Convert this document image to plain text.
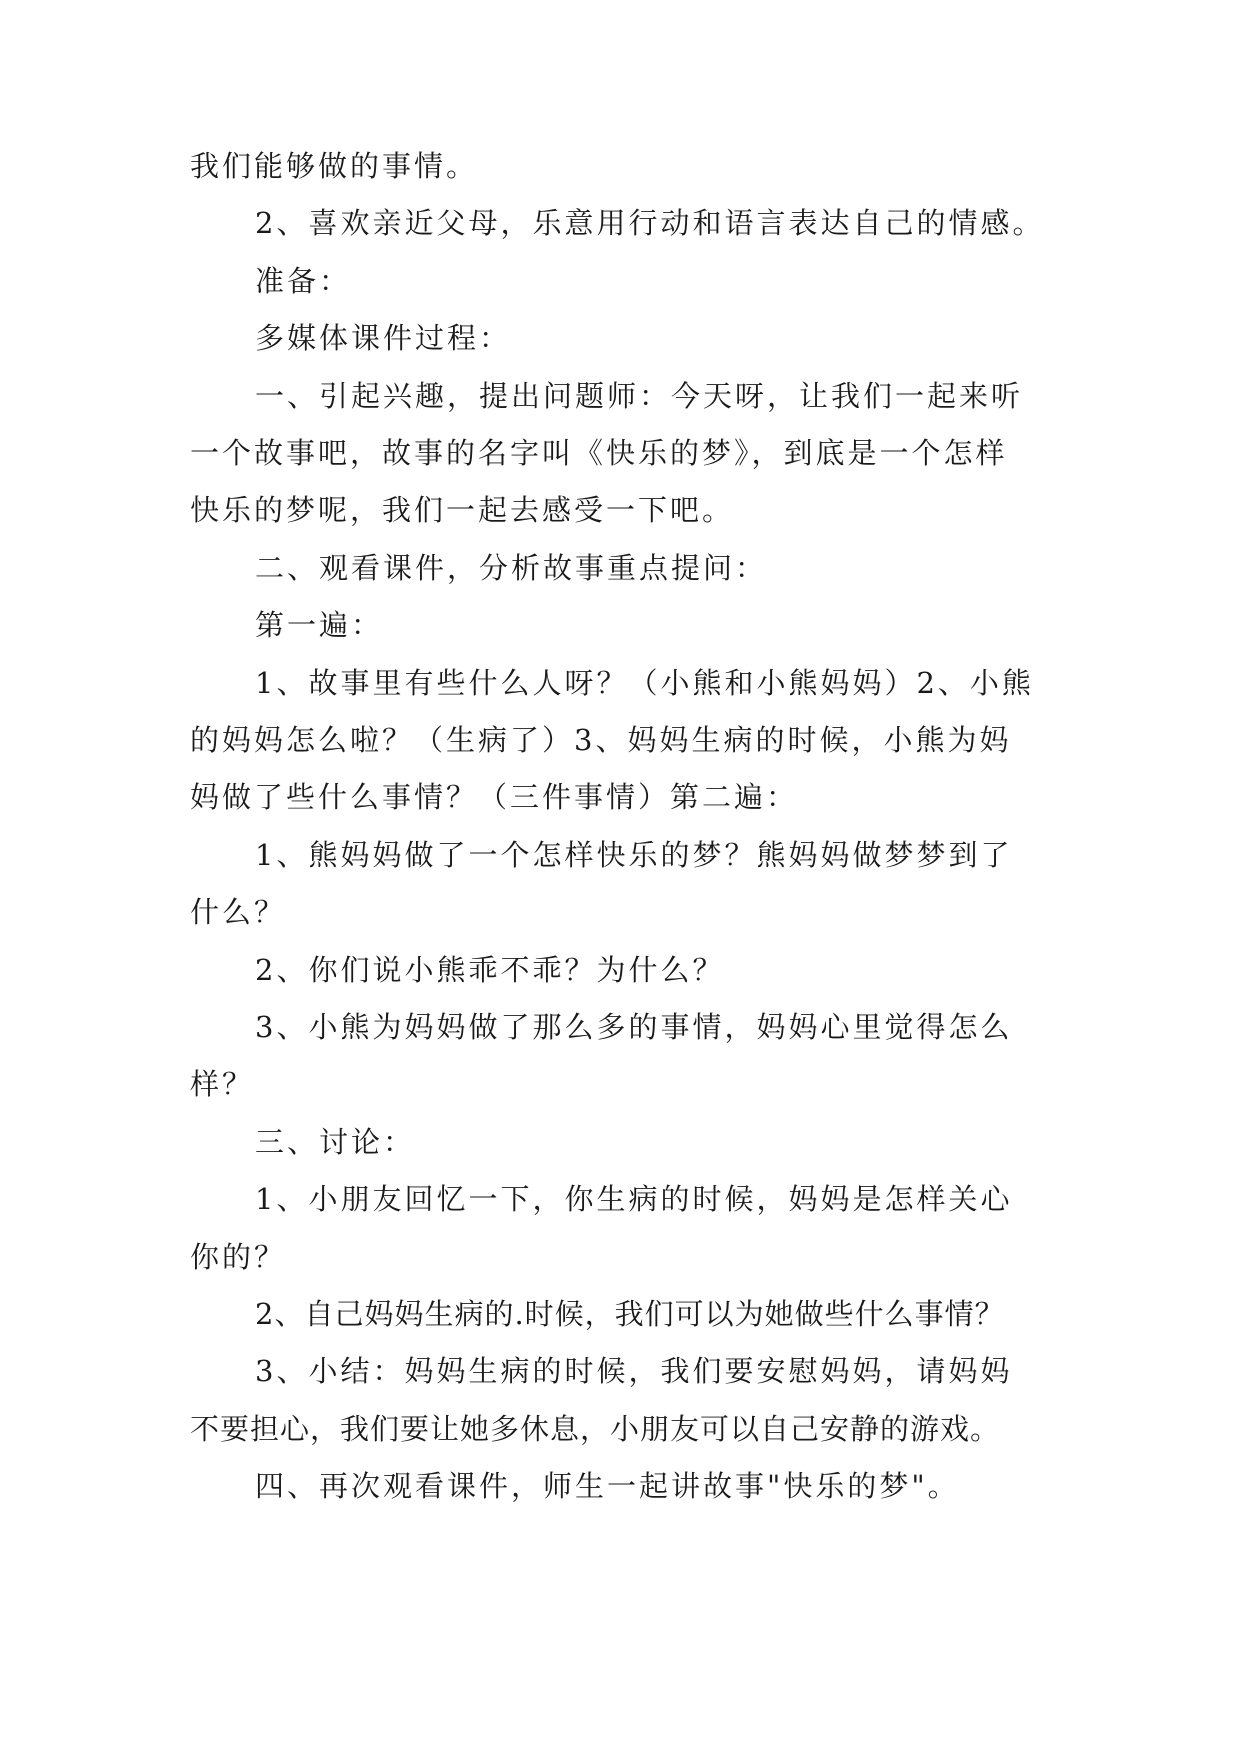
我们能够做的事情。
2、喜欢亲近父母，乐意用行动和语言表达自己的情感。
准备：
多媒体课件过程：
一、引起兴趣，提出问题师：今天呀，让我们一起来听
一个故事吧，故事的名字叫《快乐的梦》，到底是一个怎样
快乐的梦呢，我们一起去感受一下吧。
二、观看课件，分析故事重点提问：
第一遍：
1、故事里有些什么人呀？（小熊和小熊妈妈）2、小熊
的妈妈怎么啦？（生病了）3、妈妈生病的时候，小熊为妈
妈做了些什么事情？（三件事情）第二遍：
1、熊妈妈做了一个怎样快乐的梦？熊妈妈做梦梦到了
什么？
2、你们说小熊乖不乖？为什么？
3、小熊为妈妈做了那么多的事情，妈妈心里觉得怎么
样？
三、讨论：
1、小朋友回忆一下，你生病的时候，妈妈是怎样关心
你的？
2、自己妈妈生病的.时候，我们可以为她做些什么事情？
3、小结：妈妈生病的时候，我们要安慰妈妈，请妈妈
不要担心，我们要让她多休息，小朋友可以自己安静的游戏。
四、再次观看课件，师生一起讲故事"快乐的梦"。
